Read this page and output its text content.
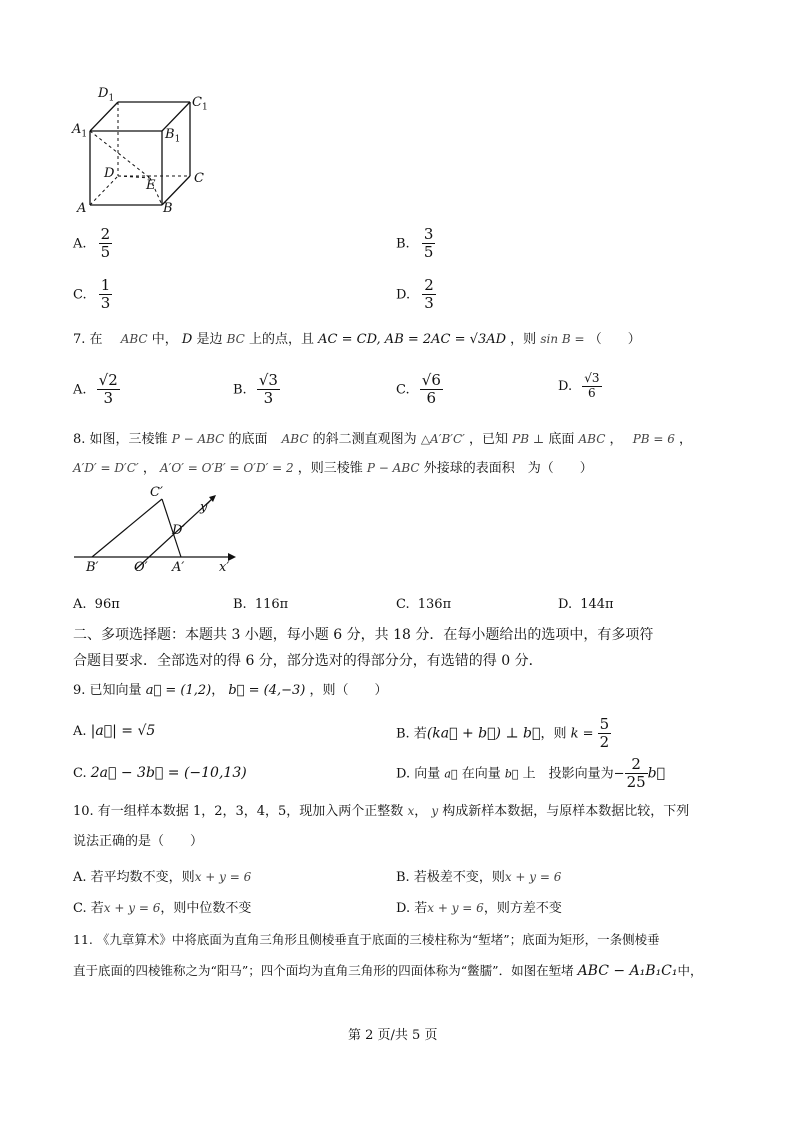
$D_1$	$C_1$
$A_1$	$B_1$
D
E	C
A	B
A. $\frac{2}{5}$	B. $\frac{3}{5}$
C. $\frac{1}{3}$	D. $\frac{2}{3}$
7. 在 ABC 中， D 是边 BC 上的点，且 AC = CD, AB = 2AC = √3AD ，则 sin B = （　　）
A. $\frac{√2}{3}$	B. $\frac{√3}{3}$	C. $\frac{√6}{6}$	D. $\frac{√3}{6}$
8. 如图，三棱锥 P − ABC 的底面 ABC 的斜二测直观图为 △A′B′C′ ，已知 PB ⊥ 底面 ABC ， PB = 6 ，
A′D′ = D′C′ ， A′O′ = O′B′ = O′D′ = 2 ，则三棱锥 P − ABC 外接球的表面积　为（　　）
C′
y′
D′
B′	O′ A′	x′
A. 96π	B. 116π	C. 136π	D. 144π
二、多项选择题：本题共 3 小题，每小题 6 分，共 18 分．在每小题给出的选项中，有多项符
合题目要求．全部选对的得 6 分，部分选对的得部分分，有选错的得 0 分．
9. 已知向量 a⃗ = (1,2)， b⃗ = (4,−3) ，则（　　）
A. |a⃗| = √5	B. 若(ka⃗ + b⃗) ⊥ b⃗，则 $k = \frac{5}{2}$
C. 2a⃗ − 3b⃗ = (−10,13)	D. 向量 a⃗ 在向量 b⃗ 上　投影向量为− $\frac{2}{25}$ b⃗
10. 有一组样本数据 1，2，3，4，5，现加入两个正整数 x， y 构成新样本数据，与原样本数据比较，下列
说法正确的是（　　）
A. 若平均数不变，则x + y = 6	B. 若极差不变，则x + y = 6
C. 若x + y = 6，则中位数不变	D. 若x + y = 6，则方差不变
11. 《九章算术》中将底面为直角三角形且侧棱垂直于底面的三棱柱称为“堑堵”；底面为矩形，一条侧棱垂
直于底面的四棱锥称之为“阳马”；四个面均为直角三角形的四面体称为“鳖臑”．如图在堑堵 ABC − A₁B₁C₁中，
第 2 页/共 5 页
